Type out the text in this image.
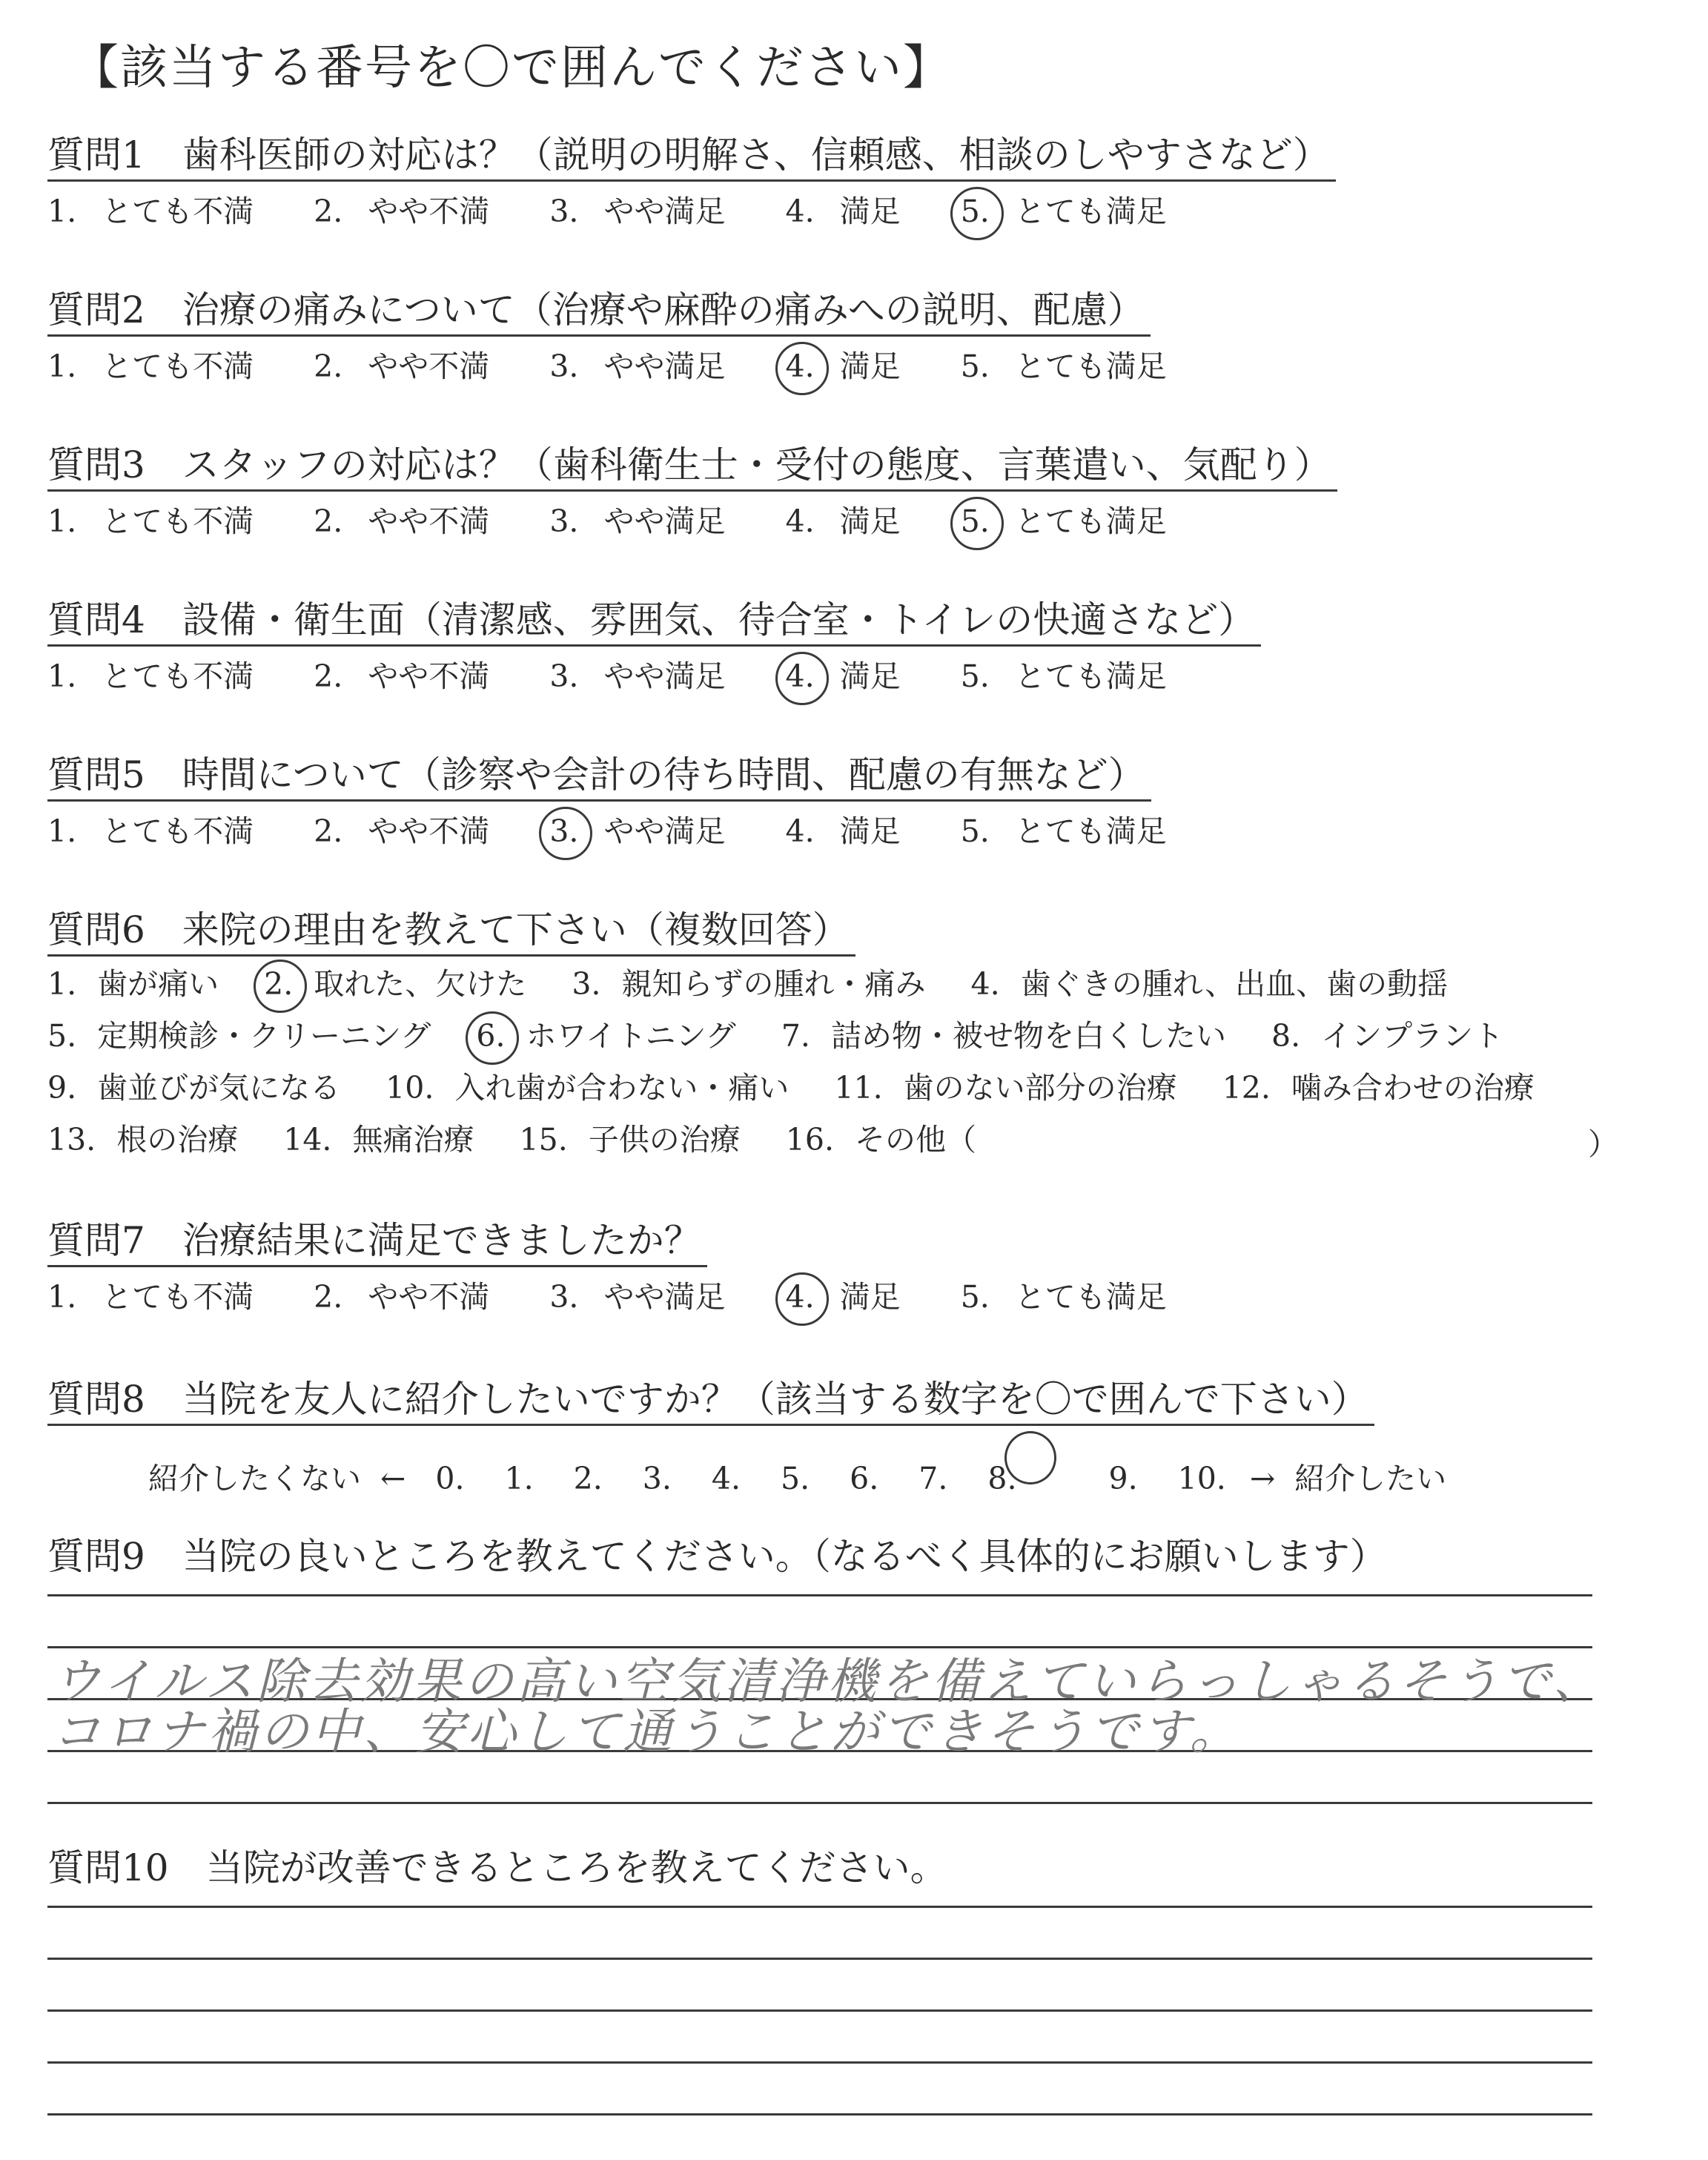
【該当する番号を〇で囲んでください】
質問1　歯科医師の対応は？（説明の明解さ、信頼感、相談のしやすさなど）
1. とても不満 2. やや不満 3. やや満足 4. 満足 5. とても満足
質問2　治療の痛みについて（治療や麻酔の痛みへの説明、配慮）
1. とても不満 2. やや不満 3. やや満足 4. 満足 5. とても満足
質問3　スタッフの対応は？（歯科衛生士・受付の態度、言葉遣い、気配り）
1. とても不満 2. やや不満 3. やや満足 4. 満足 5. とても満足
質問4　設備・衛生面（清潔感、雰囲気、待合室・トイレの快適さなど）
1. とても不満 2. やや不満 3. やや満足 4. 満足 5. とても満足
質問5　時間について（診察や会計の待ち時間、配慮の有無など）
1. とても不満 2. やや不満 3. やや満足 4. 満足 5. とても満足
質問6　来院の理由を教えて下さい（複数回答）
1. 歯が痛い 2. 取れた、欠けた 3. 親知らずの腫れ・痛み 4. 歯ぐきの腫れ、出血、歯の動揺
5. 定期検診・クリーニング 6. ホワイトニング 7. 詰め物・被せ物を白くしたい 8. インプラント
9. 歯並びが気になる 10. 入れ歯が合わない・痛い 11. 歯のない部分の治療 12. 噛み合わせの治療
13. 根の治療 14. 無痛治療 15. 子供の治療 16. その他（	）
質問7　治療結果に満足できましたか？
1. とても不満 2. やや不満 3. やや満足 4. 満足 5. とても満足
質問8　当院を友人に紹介したいですか？（該当する数字を〇で囲んで下さい）
紹介したくない ← 0. 1. 2. 3. 4. 5. 6. 7. 8.	9. 10. → 紹介したい
質問9　当院の良いところを教えてください。（なるべく具体的にお願いします）
ウイルス除去効果の高い空気清浄機を備えていらっしゃるそうで、
コロナ禍の中、安心して通うことができそうです。
質問10　当院が改善できるところを教えてください。
